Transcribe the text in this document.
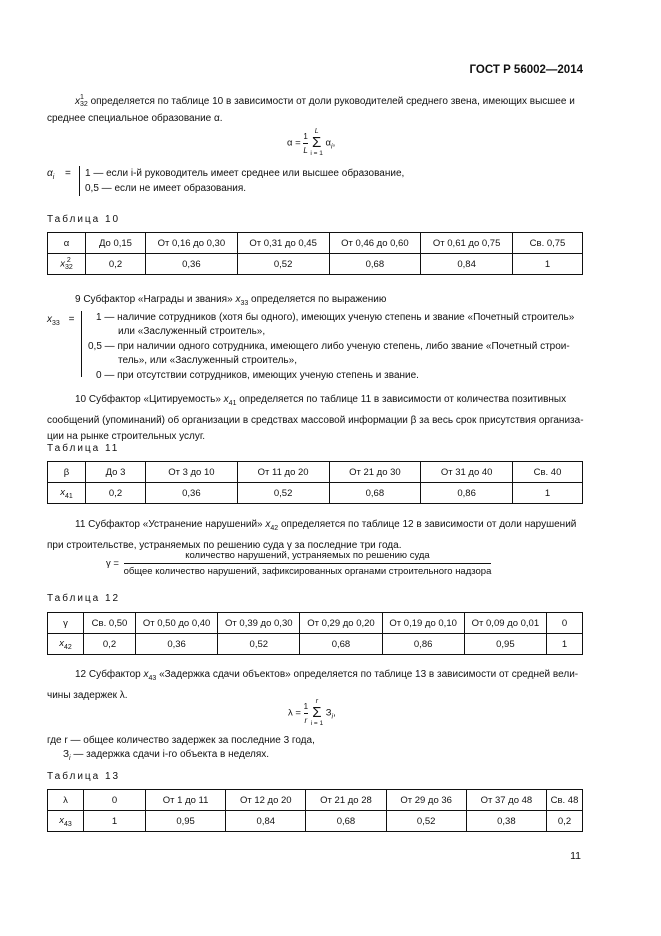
ГОСТ Р 56002—2014
x 1
32 определяется по таблице 10 в зависимости от доли руководителей среднего звена, имеющих высшее и
среднее специальное образование α.
$\alpha = \frac{1}{L}$
L
Σ
i = 1
$\alpha_i$,
$\alpha_i = 1$ — если i-й руководитель имеет среднее или высшее образование,
0,5 — если не имеет образования.
Таблица 10
α	До 0,15	От 0,16 до 0,30	От 0,31 до 0,45	От 0,46 до 0,60	От 0,61 до 0,75	Св. 0,75
x 2
32	0,2	0,36	0,52	0,68	0,84	1
9 Субфактор «Награды и звания» $x_{33}$ определяется по выражению
$x_{33}$ =	1 — наличие сотрудников (хотя бы одного), имеющих ученую степень и звание «Почетный строитель»
или «Заслуженный строитель»,
0,5 — при наличии одного сотрудника, имеющего либо ученую степень, либо звание «Почетный строи-
тель», или «Заслуженный строитель»,
0 — при отсутствии сотрудников, имеющих ученую степень и звание.
10 Субфактор «Цитируемость» $x_{41}$ определяется по таблице 11 в зависимости от количества позитивных
сообщений (упоминаний) об организации в средствах массовой информации β за весь срок присутствия организа-
ции на рынке строительных услуг.
Таблица 11
β	До 3	От 3 до 10	От 11 до 20	От 21 до 30	От 31 до 40	Св. 40
$x_{41}$	0,2	0,36	0,52	0,68	0,86	1
11 Субфактор «Устранение нарушений» $x_{42}$ определяется по таблице 12 в зависимости от доли нарушений
при строительстве, устраняемых по решению суда γ за последние три года.
γ =
количество нарушений, устраняемых по решению суда
общее количество нарушений, зафиксированных органами строительного надзора
Таблица 12
γ	Св. 0,50	От 0,50 до 0,40	От 0,39 до 0,30	От 0,29 до 0,20	От 0,19 до 0,10	От 0,09 до 0,01	0
$x_{42}$	0,2	0,36	0,52	0,68	0,86	0,95	1
12 Субфактор $x_{43}$ «Задержка сдачи объектов» определяется по таблице 13 в зависимости от средней вели-
чины задержек λ.
$\lambda = \frac{1}{r}$
	r
Σ
i = 1
$З_i$,
где r — общее количество задержек за последние 3 года,
$З_i$ — задержка сдачи i-го объекта в неделях.
Таблица 13
λ	0	От 1 до 11	От 12 до 20	От 21 до 28	От 29 до 36	От 37 до 48	Св. 48
$x_{43}$	1	0,95	0,84	0,68	0,52	0,38	0,2
11
